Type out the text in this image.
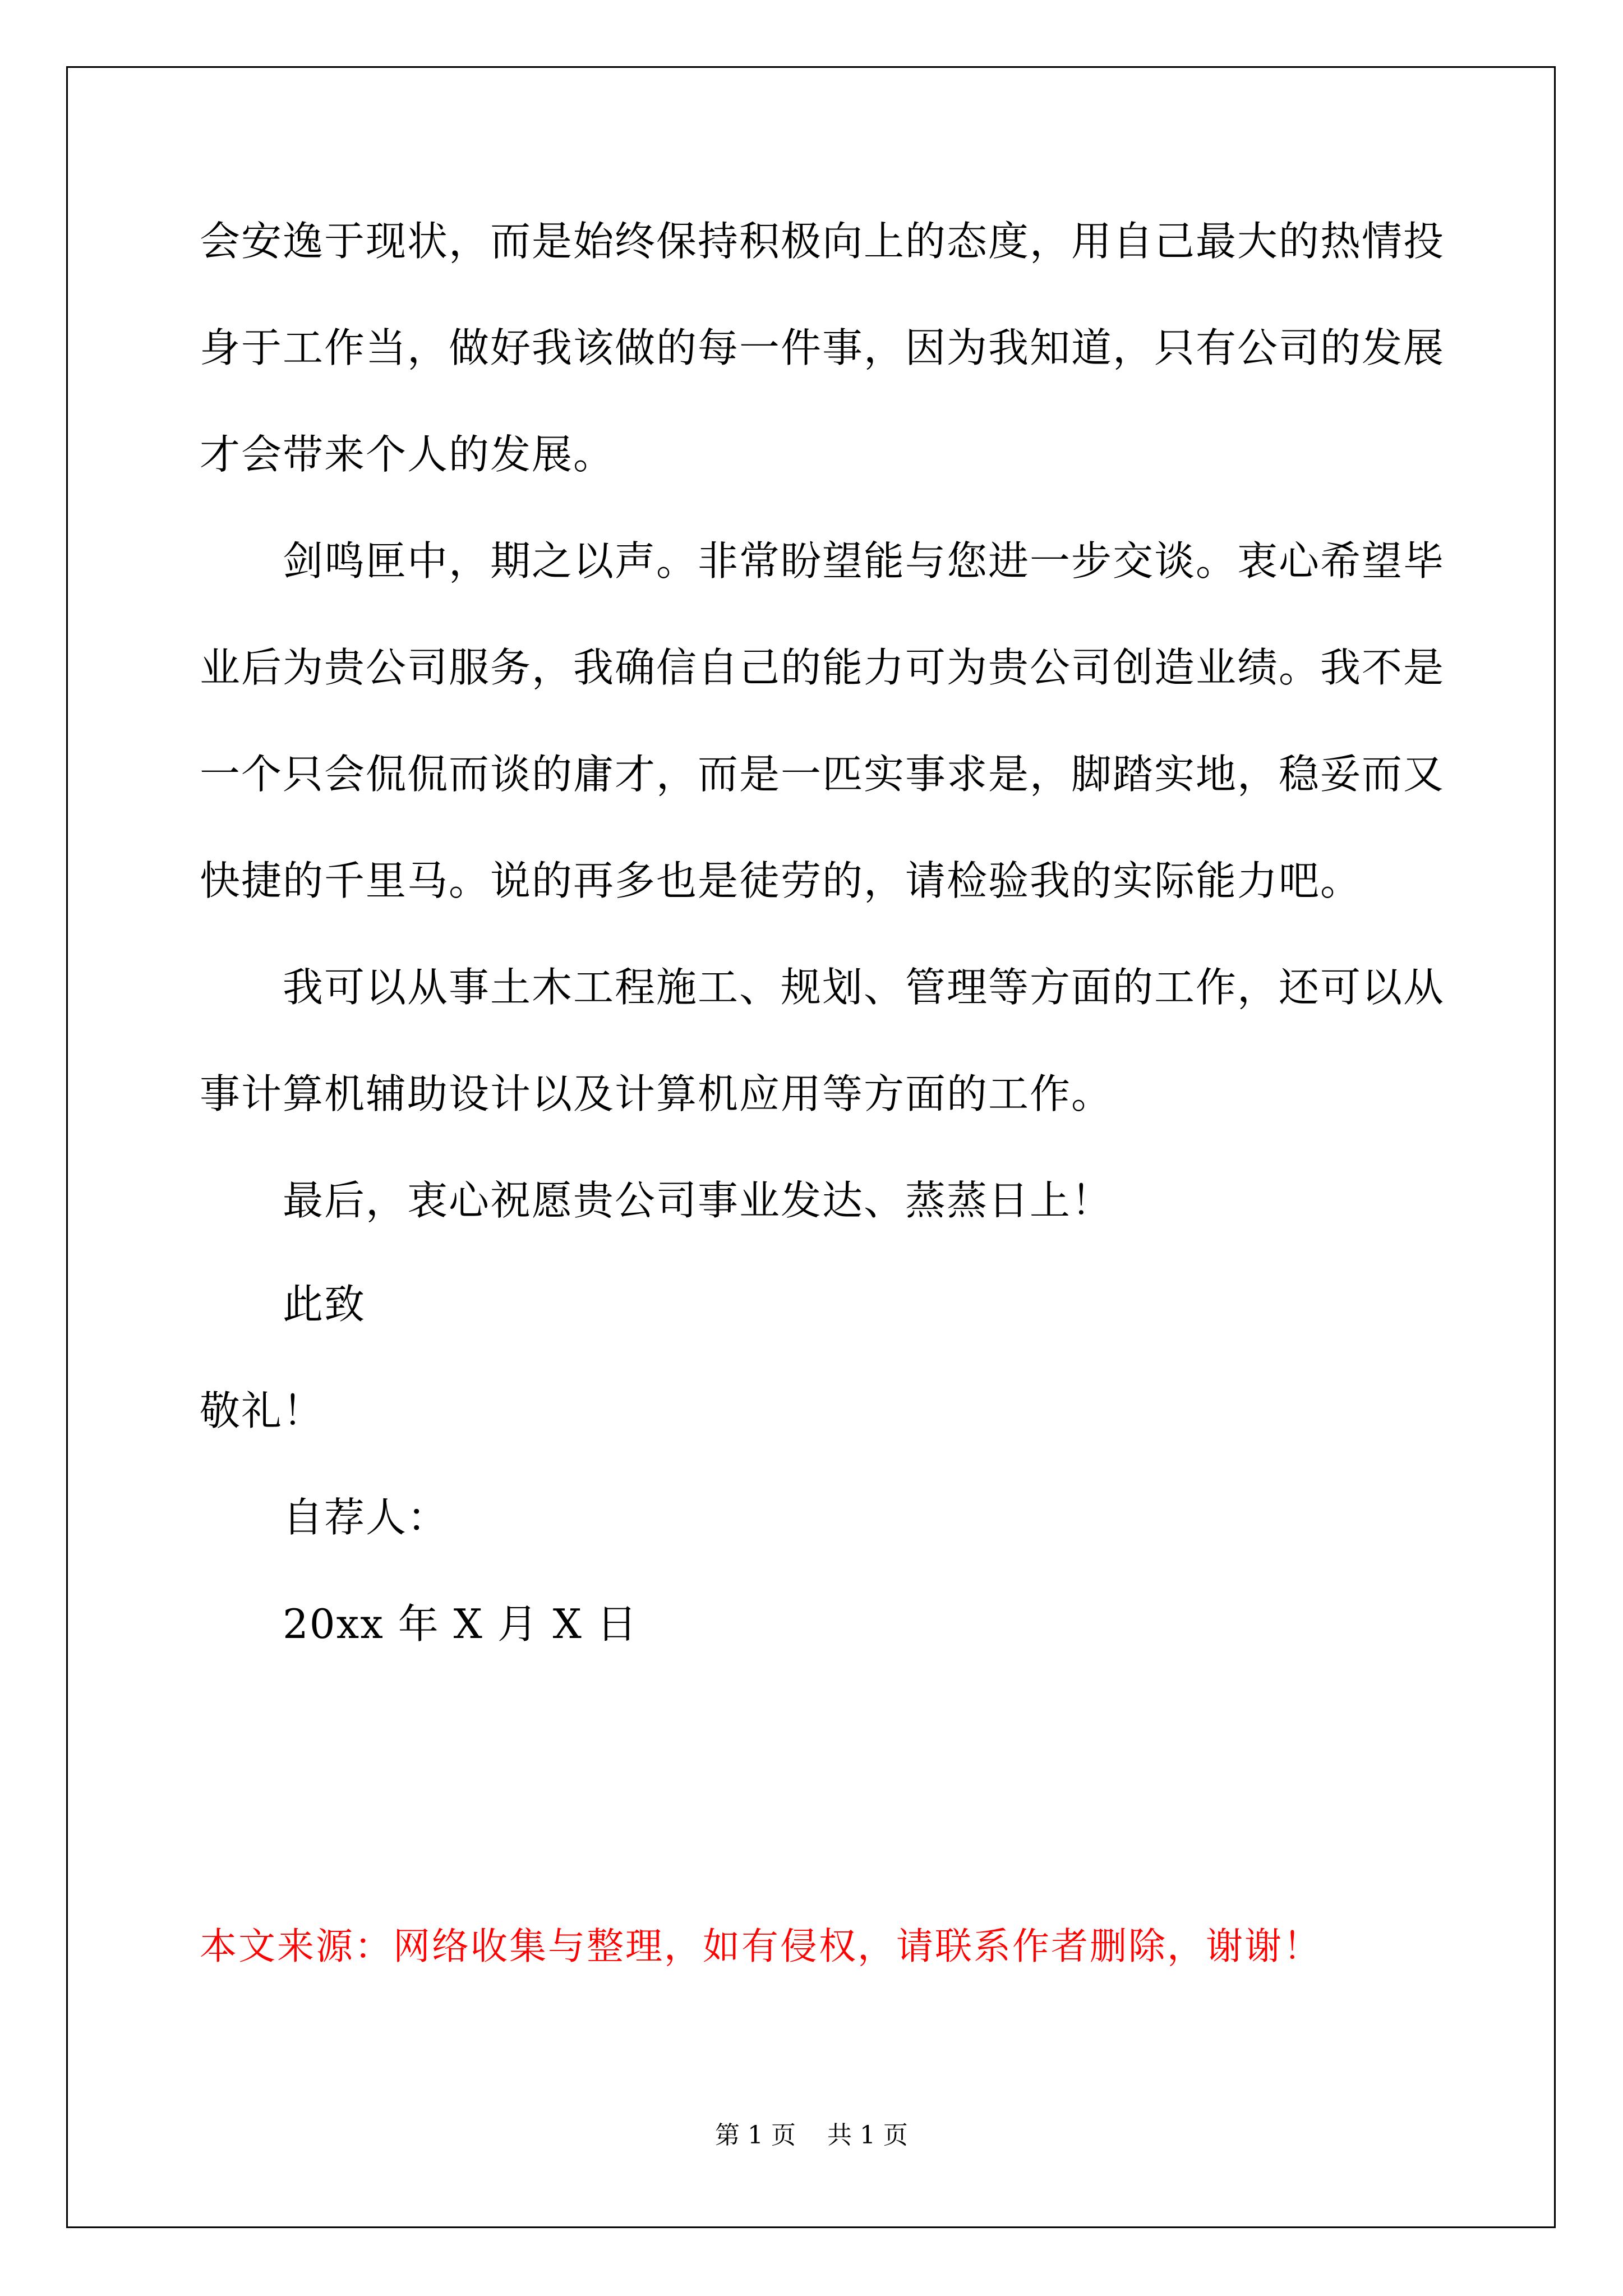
会安逸于现状，而是始终保持积极向上的态度，用自己最大的热情投
身于工作当，做好我该做的每一件事，因为我知道，只有公司的发展
才会带来个人的发展。
剑鸣匣中，期之以声。非常盼望能与您进一步交谈。衷心希望毕
业后为贵公司服务，我确信自己的能力可为贵公司创造业绩。我不是
一个只会侃侃而谈的庸才，而是一匹实事求是，脚踏实地，稳妥而又
快捷的千里马。说的再多也是徒劳的，请检验我的实际能力吧。
我可以从事土木工程施工、规划、管理等方面的工作，还可以从
事计算机辅助设计以及计算机应用等方面的工作。
最后，衷心祝愿贵公司事业发达、蒸蒸日上！
此致
敬礼！
自荐人：
20xx 年 X 月 X 日
本文来源：网络收集与整理，如有侵权，请联系作者删除，谢谢！
第 1 页    共 1 页
